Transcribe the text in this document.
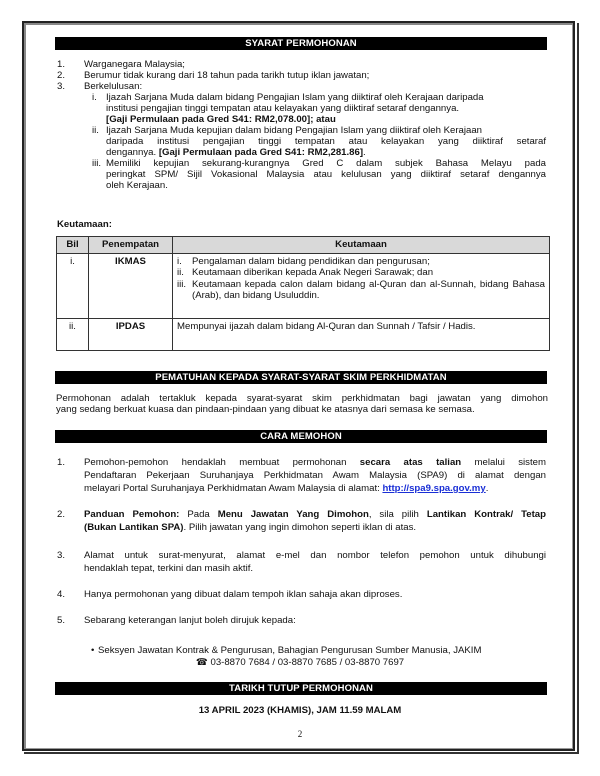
SYARAT PERMOHONAN
1. Warganegara Malaysia;
2. Berumur tidak kurang dari 18 tahun pada tarikh tutup iklan jawatan;
3. Berkelulusan:
i. Ijazah Sarjana Muda dalam bidang Pengajian Islam yang diiktiraf oleh Kerajaan daripada
institusi pengajian tinggi tempatan atau kelayakan yang diiktiraf setaraf dengannya.
[Gaji Permulaan pada Gred S41: RM2,078.00]; atau
ii. Ijazah Sarjana Muda kepujian dalam bidang Pengajian Islam yang diiktiraf oleh Kerajaan
daripada institusi pengajian tinggi tempatan atau kelayakan yang diiktiraf setaraf
dengannya. [Gaji Permulaan pada Gred S41: RM2,281.86].
iii. Memiliki kepujian sekurang-kurangnya Gred C dalam subjek Bahasa Melayu pada
peringkat SPM/ Sijil Vokasional Malaysia atau kelulusan yang diiktiraf setaraf dengannya
oleh Kerajaan.
Keutamaan:
Bil	Penempatan	Keutamaan
i.	IKMAS	i.	Pengalaman dalam bidang pendidikan dan pengurusan;
ii. Keutamaan diberikan kepada Anak Negeri Sarawak; dan
iii. Keutamaan kepada calon dalam bidang al-Quran dan al-Sunnah, bidang Bahasa (Arab), dan bidang Usuluddin.

ii.	IPDAS	Mempunyai ijazah dalam bidang Al-Quran dan Sunnah / Tafsir / Hadis.
PEMATUHAN KEPADA SYARAT-SYARAT SKIM PERKHIDMATAN
Permohonan adalah tertakluk kepada syarat-syarat skim perkhidmatan bagi jawatan yang dimohon
yang sedang berkuat kuasa dan pindaan-pindaan yang dibuat ke atasnya dari semasa ke semasa.
CARA MEMOHON
1. Pemohon-pemohon hendaklah membuat permohonan secara atas talian melalui sistem
Pendaftaran Pekerjaan Suruhanjaya Perkhidmatan Awam Malaysia (SPA9) di alamat dengan
melayari Portal Suruhanjaya Perkhidmatan Awam Malaysia di alamat: http://spa9.spa.gov.my.
2. Panduan Pemohon: Pada Menu Jawatan Yang Dimohon, sila pilih Lantikan Kontrak/ Tetap
(Bukan Lantikan SPA). Pilih jawatan yang ingin dimohon seperti iklan di atas.
3. Alamat untuk surat-menyurat, alamat e-mel dan nombor telefon pemohon untuk dihubungi
hendaklah tepat, terkini dan masih aktif.
4. Hanya permohonan yang dibuat dalam tempoh iklan sahaja akan diproses.
5. Sebarang keterangan lanjut boleh dirujuk kepada:
• Seksyen Jawatan Kontrak & Pengurusan, Bahagian Pengurusan Sumber Manusia, JAKIM
☎ 03-8870 7684 / 03-8870 7685 / 03-8870 7697
TARIKH TUTUP PERMOHONAN
13 APRIL 2023 (KHAMIS), JAM 11.59 MALAM
2
